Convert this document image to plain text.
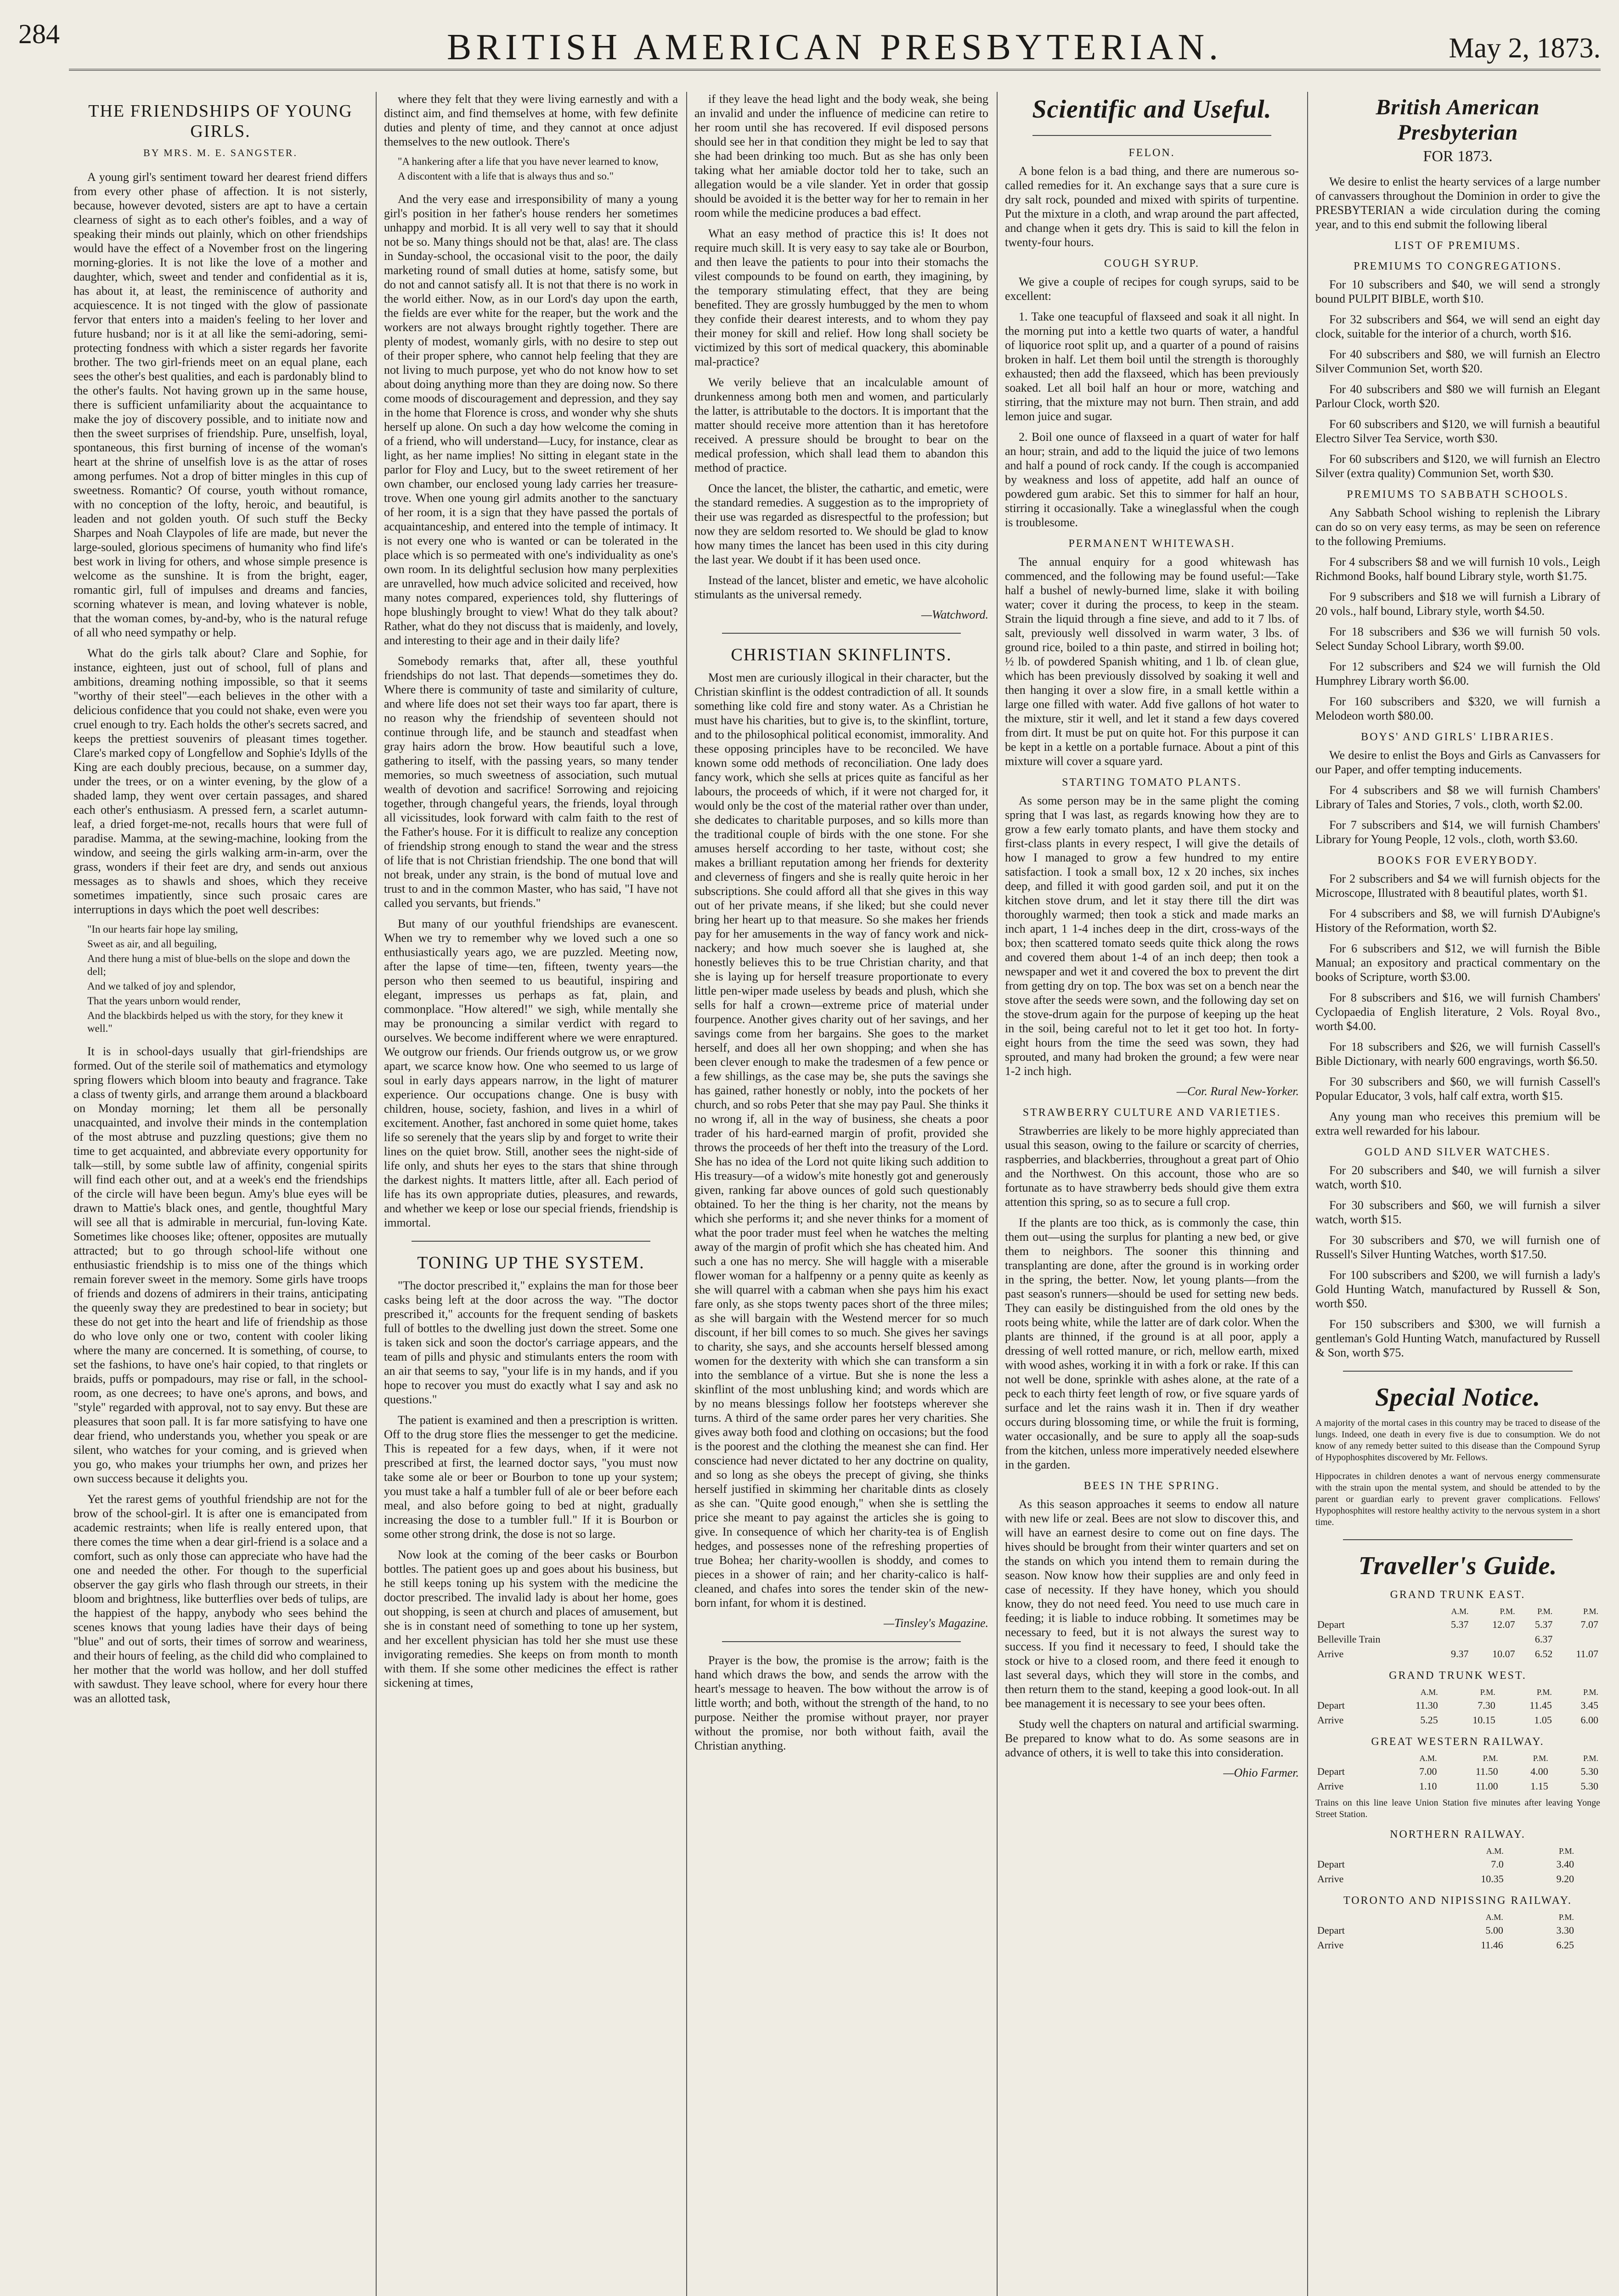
284	BRITISH AMERICAN PRESBYTERIAN.	May 2, 1873.
THE FRIENDSHIPS OF YOUNG GIRLS.
BY MRS. M. E. SANGSTER.

A young girl's sentiment toward her dearest friend differs from every other phase of affection. It is not sisterly, because, however devoted, sisters are apt to have a certain clearness of sight as to each other's foibles, and a way of speaking their minds out plainly, which on other friendships would have the effect of a November frost on the lingering morning-glories. It is not like the love of a mother and daughter, which, sweet and tender and confidential as it is, has about it, at least, the reminiscence of authority and acquiescence. It is not tinged with the glow of passionate fervor that enters into a maiden's feeling to her lover and future husband; nor is it at all like the semi-adoring, semi-protecting fondness with which a sister regards her favorite brother. The two girl-friends meet on an equal plane, each sees the other's best qualities, and each is pardonably blind to the other's faults. Not having grown up in the same house, there is sufficient unfamiliarity about the acquaintance to make the joy of discovery possible, and to initiate now and then the sweet surprises of friendship. Pure, unselfish, loyal, spontaneous, this first burning of incense of the woman's heart at the shrine of unselfish love is as the attar of roses among perfumes. Not a drop of bitter mingles in this cup of sweetness. Romantic? Of course, youth without romance, with no conception of the lofty, heroic, and beautiful, is leaden and not golden youth. Of such stuff the Becky Sharpes and Noah Claypoles of life are made, but never the large-souled, glorious specimens of humanity who find life's best work in living for others, and whose simple presence is welcome as the sunshine. It is from the bright, eager, romantic girl, full of impulses and dreams and fancies, scorning whatever is mean, and loving whatever is noble, that the woman comes, by-and-by, who is the natural refuge of all who need sympathy or help.

What do the girls talk about? Clare and Sophie, for instance, eighteen, just out of school, full of plans and ambitions, dreaming nothing impossible, so that it seems "worthy of their steel"—each believes in the other with a delicious confidence that you could not shake, even were you cruel enough to try. Each holds the other's secrets sacred, and keeps the prettiest souvenirs of pleasant times together. Clare's marked copy of Longfellow and Sophie's Idylls of the King are each doubly precious, because, on a summer day, under the trees, or on a winter evening, by the glow of a shaded lamp, they went over certain passages, and shared each other's enthusiasm. A pressed fern, a scarlet autumn-leaf, a dried forget-me-not, recalls hours that were full of paradise. Mamma, at the sewing-machine, looking from the window, and seeing the girls walking arm-in-arm, over the grass, wonders if their feet are dry, and sends out anxious messages as to shawls and shoes, which they receive sometimes impatiently, since such prosaic cares are interruptions in days which the poet well describes:

"In our hearts fair hope lay smiling,
Sweet as air, and all beguiling,
And there hung a mist of blue-bells on the slope and down the dell;
And we talked of joy and splendor,
That the years unborn would render,
And the blackbirds helped us with the story, for they knew it well."

It is in school-days usually that girl-friendships are formed. Out of the sterile soil of mathematics and etymology spring flowers which bloom into beauty and fragrance. Take a class of twenty girls, and arrange them around a blackboard on Monday morning; let them all be personally unacquainted, and involve their minds in the contemplation of the most abtruse and puzzling questions; give them no time to get acquainted, and abbreviate every opportunity for talk—still, by some subtle law of affinity, congenial spirits will find each other out, and at a week's end the friendships of the circle will have been begun. Amy's blue eyes will be drawn to Mattie's black ones, and gentle, thoughtful Mary will see all that is admirable in mercurial, fun-loving Kate. Sometimes like chooses like; oftener, opposites are mutually attracted; but to go through school-life without one enthusiastic friendship is to miss one of the things which remain forever sweet in the memory. Some girls have troops of friends and dozens of admirers in their trains, anticipating the queenly sway they are predestined to bear in society; but these do not get into the heart and life of friendship as those do who love only one or two, content with cooler liking where the many are concerned. It is something, of course, to set the fashions, to have one's hair copied, to that ringlets or braids, puffs or pompadours, may rise or fall, in the school-room, as one decrees; to have one's aprons, and bows, and "style" regarded with approval, not to say envy. But these are pleasures that soon pall. It is far more satisfying to have one dear friend, who understands you, whether you speak or are silent, who watches for your coming, and is grieved when you go, who makes your triumphs her own, and prizes her own success because it delights you.

Yet the rarest gems of youthful friendship are not for the brow of the school-girl. It is after one is emancipated from academic restraints; when life is really entered upon, that there comes the time when a dear girl-friend is a solace and a comfort, such as only those can appreciate who have had the one and needed the other. For though to the superficial observer the gay girls who flash through our streets, in their bloom and brightness, like butterflies over beds of tulips, are the happiest of the happy, anybody who sees behind the scenes knows that young ladies have their days of being "blue" and out of sorts, their times of sorrow and weariness, and their hours of feeling, as the child did who complained to her mother that the world was hollow, and her doll stuffed with sawdust. They leave school, where for every hour there was an allotted task,

where they felt that they were living earnestly and with a distinct aim, and find themselves at home, with few definite duties and plenty of time, and they cannot at once adjust themselves to the new outlook. There's

"A hankering after a life that you have never learned to know,
A discontent with a life that is always thus and so."

And the very ease and irresponsibility of many a young girl's position in her father's house renders her sometimes unhappy and morbid. It is all very well to say that it should not be so. Many things should not be that, alas! are. The class in Sunday-school, the occasional visit to the poor, the daily marketing round of small duties at home, satisfy some, but do not and cannot satisfy all. It is not that there is no work in the world either. Now, as in our Lord's day upon the earth, the fields are ever white for the reaper, but the work and the workers are not always brought rightly together. There are plenty of modest, womanly girls, with no desire to step out of their proper sphere, who cannot help feeling that they are not living to much purpose, yet who do not know how to set about doing anything more than they are doing now. So there come moods of discouragement and depression, and they say in the home that Florence is cross, and wonder why she shuts herself up alone. On such a day how welcome the coming in of a friend, who will understand—Lucy, for instance, clear as light, as her name implies! No sitting in elegant state in the parlor for Floy and Lucy, but to the sweet retirement of her own chamber, our enclosed young lady carries her treasure-trove. When one young girl admits another to the sanctuary of her room, it is a sign that they have passed the portals of acquaintanceship, and entered into the temple of intimacy. It is not every one who is wanted or can be tolerated in the place which is so permeated with one's individuality as one's own room. In its delightful seclusion how many perplexities are unravelled, how much advice solicited and received, how many notes compared, experiences told, shy flutterings of hope blushingly brought to view! What do they talk about? Rather, what do they not discuss that is maidenly, and lovely, and interesting to their age and in their daily life?

Somebody remarks that, after all, these youthful friendships do not last. That depends—sometimes they do. Where there is community of taste and similarity of culture, and where life does not set their ways too far apart, there is no reason why the friendship of seventeen should not continue through life, and be staunch and steadfast when gray hairs adorn the brow. How beautiful such a love, gathering to itself, with the passing years, so many tender memories, so much sweetness of association, such mutual wealth of devotion and sacrifice! Sorrowing and rejoicing together, through changeful years, the friends, loyal through all vicissitudes, look forward with calm faith to the rest of the Father's house. For it is difficult to realize any conception of friendship strong enough to stand the wear and the stress of life that is not Christian friendship. The one bond that will not break, under any strain, is the bond of mutual love and trust to and in the common Master, who has said, "I have not called you servants, but friends."

But many of our youthful friendships are evanescent. When we try to remember why we loved such a one so enthusiastically years ago, we are puzzled. Meeting now, after the lapse of time—ten, fifteen, twenty years—the person who then seemed to us beautiful, inspiring and elegant, impresses us perhaps as fat, plain, and commonplace. "How altered!" we sigh, while mentally she may be pronouncing a similar verdict with regard to ourselves. We become indifferent where we were enraptured. We outgrow our friends. Our friends outgrow us, or we grow apart, we scarce know how. One who seemed to us large of soul in early days appears narrow, in the light of maturer experience. Our occupations change. One is busy with children, house, society, fashion, and lives in a whirl of excitement. Another, fast anchored in some quiet home, takes life so serenely that the years slip by and forget to write their lines on the quiet brow. Still, another sees the night-side of life only, and shuts her eyes to the stars that shine through the darkest nights. It matters little, after all. Each period of life has its own appropriate duties, pleasures, and rewards, and whether we keep or lose our special friends, friendship is immortal.

TONING UP THE SYSTEM.

"The doctor prescribed it," explains the man for those beer casks being left at the door across the way. "The doctor prescribed it," accounts for the frequent sending of baskets full of bottles to the dwelling just down the street. Some one is taken sick and soon the doctor's carriage appears, and the team of pills and physic and stimulants enters the room with an air that seems to say, "your life is in my hands, and if you hope to recover you must do exactly what I say and ask no questions."

The patient is examined and then a prescription is written. Off to the drug store flies the messenger to get the medicine. This is repeated for a few days, when, if it were not prescribed at first, the learned doctor says, "you must now take some ale or beer or Bourbon to tone up your system; you must take a half a tumbler full of ale or beer before each meal, and also before going to bed at night, gradually increasing the dose to a tumbler full." If it is Bourbon or some other strong drink, the dose is not so large.

Now look at the coming of the beer casks or Bourbon bottles. The patient goes up and goes about his business, but he still keeps toning up his system with the medicine the doctor prescribed. The invalid lady is about her home, goes out shopping, is seen at church and places of amusement, but she is in constant need of something to tone up her system, and her excellent physician has told her she must use these invigorating remedies. She keeps on from month to month with them. If she some other medicines the effect is rather sickening at times,

if they leave the head light and the body weak, she being an invalid and under the influence of medicine can retire to her room until she has recovered. If evil disposed persons should see her in that condition they might be led to say that she had been drinking too much. But as she has only been taking what her amiable doctor told her to take, such an allegation would be a vile slander. Yet in order that gossip should be avoided it is the better way for her to remain in her room while the medicine produces a bad effect.

What an easy method of practice this is! It does not require much skill. It is very easy to say take ale or Bourbon, and then leave the patients to pour into their stomachs the vilest compounds to be found on earth, they imagining, by the temporary stimulating effect, that they are being benefited. They are grossly humbugged by the men to whom they confide their dearest interests, and to whom they pay their money for skill and relief. How long shall society be victimized by this sort of medical quackery, this abominable mal-practice?

We verily believe that an incalculable amount of drunkenness among both men and women, and particularly the latter, is attributable to the doctors. It is important that the matter should receive more attention than it has heretofore received. A pressure should be brought to bear on the medical profession, which shall lead them to abandon this method of practice.

Once the lancet, the blister, the cathartic, and emetic, were the standard remedies. A suggestion as to the impropriety of their use was regarded as disrespectful to the profession; but now they are seldom resorted to. We should be glad to know how many times the lancet has been used in this city during the last year. We doubt if it has been used once.

Instead of the lancet, blister and emetic, we have alcoholic stimulants as the universal remedy.

—Watchword.
CHRISTIAN SKINFLINTS.

Most men are curiously illogical in their character, but the Christian skinflint is the oddest contradiction of all. It sounds something like cold fire and stony water. As a Christian he must have his charities, but to give is, to the skinflint, torture, and to the philosophical political economist, immorality. And these opposing principles have to be reconciled. We have known some odd methods of reconciliation. One lady does fancy work, which she sells at prices quite as fanciful as her labours, the proceeds of which, if it were not charged for, it would only be the cost of the material rather over than under, she dedicates to charitable purposes, and so kills more than the traditional couple of birds with the one stone. For she amuses herself according to her taste, without cost; she makes a brilliant reputation among her friends for dexterity and cleverness of fingers and she is really quite heroic in her subscriptions. She could afford all that she gives in this way out of her private means, if she liked; but she could never bring her heart up to that measure. So she makes her friends pay for her amusements in the way of fancy work and nick-nackery; and how much soever she is laughed at, she honestly believes this to be true Christian charity, and that she is laying up for herself treasure proportionate to every little pen-wiper made useless by beads and plush, which she sells for half a crown—extreme price of material under fourpence. Another gives charity out of her savings, and her savings come from her bargains. She goes to the market herself, and does all her own shopping; and when she has been clever enough to make the tradesmen of a few pence or a few shillings, as the case may be, she puts the savings she has gained, rather honestly or nobly, into the pockets of her church, and so robs Peter that she may pay Paul. She thinks it no wrong if, all in the way of business, she cheats a poor trader of his hard-earned margin of profit, provided she throws the proceeds of her theft into the treasury of the Lord. She has no idea of the Lord not quite liking such addition to His treasury—of a widow's mite honestly got and generously given, ranking far above ounces of gold such questionably obtained. To her the thing is her charity, not the means by which she performs it; and she never thinks for a moment of what the poor trader must feel when he watches the melting away of the margin of profit which she has cheated him. And such a one has no mercy. She will haggle with a miserable flower woman for a halfpenny or a penny quite as keenly as she will quarrel with a cabman when she pays him his exact fare only, as she stops twenty paces short of the three miles; as she will bargain with the Westend mercer for so much discount, if her bill comes to so much. She gives her savings to charity, she says, and she accounts herself blessed among women for the dexterity with which she can transform a sin into the semblance of a virtue. But she is none the less a skinflint of the most unblushing kind; and words which are by no means blessings follow her footsteps wherever she turns. A third of the same order pares her very charities. She gives away both food and clothing on occasions; but the food is the poorest and the clothing the meanest she can find. Her conscience had never dictated to her any doctrine on quality, and so long as she obeys the precept of giving, she thinks herself justified in skimming her charitable dints as closely as she can. "Quite good enough," when she is settling the price she meant to pay against the articles she is going to give. In consequence of which her charity-tea is of English hedges, and possesses none of the refreshing properties of true Bohea; her charity-woollen is shoddy, and comes to pieces in a shower of rain; and her charity-calico is half-cleaned, and chafes into sores the tender skin of the new-born infant, for whom it is destined.

—Tinsley's Magazine.

Prayer is the bow, the promise is the arrow; faith is the hand which draws the bow, and sends the arrow with the heart's message to heaven. The bow without the arrow is of little worth; and both, without the strength of the hand, to no purpose. Neither the promise without prayer, nor prayer without the promise, nor both without faith, avail the Christian anything.

Scientific and Useful.
FELON.

A bone felon is a bad thing, and there are numerous so-called remedies for it. An exchange says that a sure cure is dry salt rock, pounded and mixed with spirits of turpentine. Put the mixture in a cloth, and wrap around the part affected, and change when it gets dry. This is said to kill the felon in twenty-four hours.

COUGH SYRUP.

We give a couple of recipes for cough syrups, said to be excellent:

1. Take one teacupful of flaxseed and soak it all night. In the morning put into a kettle two quarts of water, a handful of liquorice root split up, and a quarter of a pound of raisins broken in half. Let them boil until the strength is thoroughly exhausted; then add the flaxseed, which has been previously soaked. Let all boil half an hour or more, watching and stirring, that the mixture may not burn. Then strain, and add lemon juice and sugar.

2. Boil one ounce of flaxseed in a quart of water for half an hour; strain, and add to the liquid the juice of two lemons and half a pound of rock candy. If the cough is accompanied by weakness and loss of appetite, add half an ounce of powdered gum arabic. Set this to simmer for half an hour, stirring it occasionally. Take a wineglassful when the cough is troublesome.

PERMANENT WHITEWASH.

The annual enquiry for a good whitewash has commenced, and the following may be found useful:—Take half a bushel of newly-burned lime, slake it with boiling water; cover it during the process, to keep in the steam. Strain the liquid through a fine sieve, and add to it 7 lbs. of salt, previously well dissolved in warm water, 3 lbs. of ground rice, boiled to a thin paste, and stirred in boiling hot; ½ lb. of powdered Spanish whiting, and 1 lb. of clean glue, which has been previously dissolved by soaking it well and then hanging it over a slow fire, in a small kettle within a large one filled with water. Add five gallons of hot water to the mixture, stir it well, and let it stand a few days covered from dirt. It must be put on quite hot. For this purpose it can be kept in a kettle on a portable furnace. About a pint of this mixture will cover a square yard.

STARTING TOMATO PLANTS.

As some person may be in the same plight the coming spring that I was last, as regards knowing how they are to grow a few early tomato plants, and have them stocky and first-class plants in every respect, I will give the details of how I managed to grow a few hundred to my entire satisfaction. I took a small box, 12 x 20 inches, six inches deep, and filled it with good garden soil, and put it on the kitchen stove drum, and let it stay there till the dirt was thoroughly warmed; then took a stick and made marks an inch apart, 1 1-4 inches deep in the dirt, cross-ways of the box; then scattered tomato seeds quite thick along the rows and covered them about 1-4 of an inch deep; then took a newspaper and wet it and covered the box to prevent the dirt from getting dry on top. The box was set on a bench near the stove after the seeds were sown, and the following day set on the stove-drum again for the purpose of keeping up the heat in the soil, being careful not to let it get too hot. In forty-eight hours from the time the seed was sown, they had sprouted, and many had broken the ground; a few were near 1-2 inch high.

—Cor. Rural New-Yorker.
STRAWBERRY CULTURE AND VARIETIES.

Strawberries are likely to be more highly appreciated than usual this season, owing to the failure or scarcity of cherries, raspberries, and blackberries, throughout a great part of Ohio and the Northwest. On this account, those who are so fortunate as to have strawberry beds should give them extra attention this spring, so as to secure a full crop.

If the plants are too thick, as is commonly the case, thin them out—using the surplus for planting a new bed, or give them to neighbors. The sooner this thinning and transplanting are done, after the ground is in working order in the spring, the better. Now, let young plants—from the past season's runners—should be used for setting new beds. They can easily be distinguished from the old ones by the roots being white, while the latter are of dark color. When the plants are thinned, if the ground is at all poor, apply a dressing of well rotted manure, or rich, mellow earth, mixed with wood ashes, working it in with a fork or rake. If this can not well be done, sprinkle with ashes alone, at the rate of a peck to each thirty feet length of row, or five square yards of surface and let the rains wash it in. Then if dry weather occurs during blossoming time, or while the fruit is forming, water occasionally, and be sure to apply all the soap-suds from the kitchen, unless more imperatively needed elsewhere in the garden.

BEES IN THE SPRING.

As this season approaches it seems to endow all nature with new life or zeal. Bees are not slow to discover this, and will have an earnest desire to come out on fine days. The hives should be brought from their winter quarters and set on the stands on which you intend them to remain during the season. Now know how their supplies are and only feed in case of necessity. If they have honey, which you should know, they do not need feed. You need to use much care in feeding; it is liable to induce robbing. It sometimes may be necessary to feed, but it is not always the surest way to success. If you find it necessary to feed, I should take the stock or hive to a closed room, and there feed it enough to last several days, which they will store in the combs, and then return them to the stand, keeping a good look-out. In all bee management it is necessary to see your bees often.

Study well the chapters on natural and artificial swarming. Be prepared to know what to do. As some seasons are in advance of others, it is well to take this into consideration.

—Ohio Farmer.
British American Presbyterian
FOR 1873.

We desire to enlist the hearty services of a large number of canvassers throughout the Dominion in order to give the PRESBYTERIAN a wide circulation during the coming year, and to this end submit the following liberal

LIST OF PREMIUMS.
PREMIUMS TO CONGREGATIONS.

For 10 subscribers and $40, we will send a strongly bound PULPIT BIBLE, worth $10.

For 32 subscribers and $64, we will send an eight day clock, suitable for the interior of a church, worth $16.

For 40 subscribers and $80, we will furnish an Electro Silver Communion Set, worth $20.

For 40 subscribers and $80 we will furnish an Elegant Parlour Clock, worth $20.

For 60 subscribers and $120, we will furnish a beautiful Electro Silver Tea Service, worth $30.

For 60 subscribers and $120, we will furnish an Electro Silver (extra quality) Communion Set, worth $30.

PREMIUMS TO SABBATH SCHOOLS.

Any Sabbath School wishing to replenish the Library can do so on very easy terms, as may be seen on reference to the following Premiums.

For 4 subscribers $8 and we will furnish 10 vols., Leigh Richmond Books, half bound Library style, worth $1.75.

For 9 subscribers and $18 we will furnish a Library of 20 vols., half bound, Library style, worth $4.50.

For 18 subscribers and $36 we will furnish 50 vols. Select Sunday School Library, worth $9.00.

For 12 subscribers and $24 we will furnish the Old Humphrey Library worth $6.00.

For 160 subscribers and $320, we will furnish a Melodeon worth $80.00.

BOYS' AND GIRLS' LIBRARIES.

We desire to enlist the Boys and Girls as Canvassers for our Paper, and offer tempting inducements.

For 4 subscribers and $8 we will furnish Chambers' Library of Tales and Stories, 7 vols., cloth, worth $2.00.

For 7 subscribers and $14, we will furnish Chambers' Library for Young People, 12 vols., cloth, worth $3.60.

BOOKS FOR EVERYBODY.

For 2 subscribers and $4 we will furnish objects for the Microscope, Illustrated with 8 beautiful plates, worth $1.

For 4 subscribers and $8, we will furnish D'Aubigne's History of the Reformation, worth $2.

For 6 subscribers and $12, we will furnish the Bible Manual; an expository and practical commentary on the books of Scripture, worth $3.00.

For 8 subscribers and $16, we will furnish Chambers' Cyclopaedia of English literature, 2 Vols. Royal 8vo., worth $4.00.

For 18 subscribers and $26, we will furnish Cassell's Bible Dictionary, with nearly 600 engravings, worth $6.50.

For 30 subscribers and $60, we will furnish Cassell's Popular Educator, 3 vols, half calf extra, worth $15.

Any young man who receives this premium will be extra well rewarded for his labour.

GOLD AND SILVER WATCHES.

For 20 subscribers and $40, we will furnish a silver watch, worth $10.

For 30 subscribers and $60, we will furnish a silver watch, worth $15.

For 30 subscribers and $70, we will furnish one of Russell's Silver Hunting Watches, worth $17.50.

For 100 subscribers and $200, we will furnish a lady's Gold Hunting Watch, manufactured by Russell & Son, worth $50.

For 150 subscribers and $300, we will furnish a gentleman's Gold Hunting Watch, manufactured by Russell & Son, worth $75.

Special Notice.
A majority of the mortal cases in this country may be traced to disease of the lungs. Indeed, one death in every five is due to consumption. We do not know of any remedy better suited to this disease than the Compound Syrup of Hypophosphites discovered by Mr. Fellows.
Hippocrates in children denotes a want of nervous energy commensurate with the strain upon the mental system, and should be attended to by the parent or guardian early to prevent graver complications. Fellows' Hypophosphites will restore healthy activity to the nervous system in a short time.
Traveller's Guide.
GRAND TRUNK EAST.
	A.M.	P.M.	P.M.	P.M.
Depart	5.37	12.07	5.37	7.07
Belleville Train			6.37	
Arrive	9.37	10.07	6.52	11.07
GRAND TRUNK WEST.
	A.M.	P.M.	P.M.	P.M.
Depart	11.30	7.30	11.45	3.45
Arrive	5.25	10.15	1.05	6.00
GREAT WESTERN RAILWAY.
	A.M.	P.M.	P.M.	P.M.
Depart	7.00	11.50	4.00	5.30
Arrive	1.10	11.00	1.15	5.30
Trains on this line leave Union Station five minutes after leaving Yonge Street Station.
NORTHERN RAILWAY.
	A.M.	P.M.		
Depart	7.0	3.40		
Arrive	10.35	9.20		
TORONTO AND NIPISSING RAILWAY.
	A.M.	P.M.		
Depart	5.00	3.30		
Arrive	11.46	6.25		
